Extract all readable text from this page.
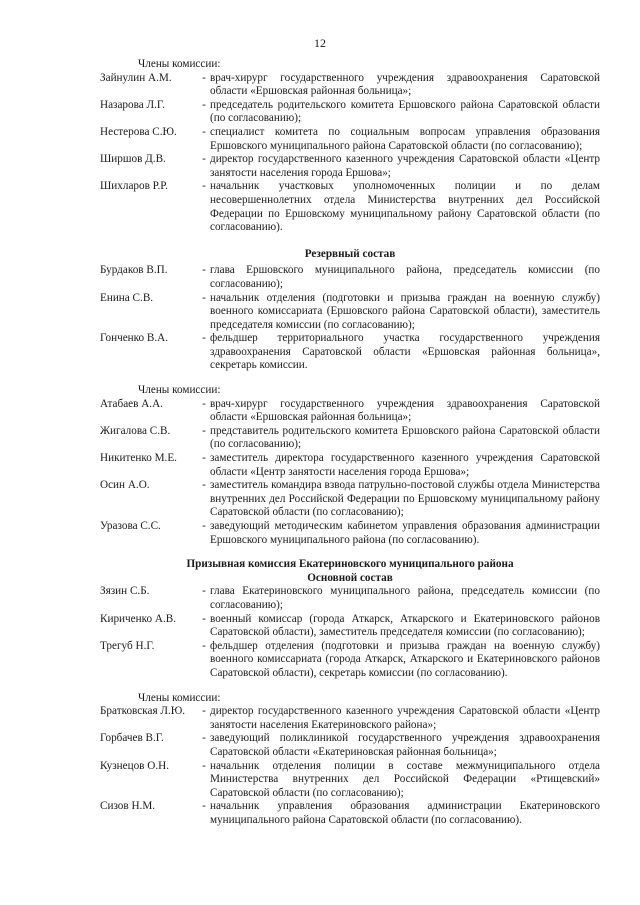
12
Члены комиссии:
Зайнулин А.М.	- врач-хирург государственного учреждения здравоохранения Саратовской области «Ершовская районная больница»;
Назарова Л.Г.	- председатель родительского комитета Ершовского района Саратовской области (по согласованию);
Нестерова С.Ю.	- специалист комитета по социальным вопросам управления образования Ершовского муниципального района Саратовской области (по согласованию);
Ширшов Д.В.	- директор государственного казенного учреждения Саратовской области «Центр занятости населения города Ершова»;
Шихларов Р.Р.	- начальник участковых уполномоченных полиции и по делам несовершеннолетних отдела Министерства внутренних дел Российской Федерации по Ершовскому муниципальному району Саратовской области (по согласованию).
Резервный состав
Бурдаков В.П.	- глава Ершовского муниципального района, председатель комиссии (по согласованию);
Енина С.В.	- начальник отделения (подготовки и призыва граждан на военную службу) военного комиссариата (Ершовского района Саратовской области), заместитель председателя комиссии (по согласованию);
Гонченко В.А.	- фельдшер территориального участка государственного учреждения здравоохранения Саратовской области «Ершовская районная больница», секретарь комиссии.
Члены комиссии:
Атабаев А.А.	- врач-хирург государственного учреждения здравоохранения Саратовской области «Ершовская районная больница»;
Жигалова С.В.	- представитель родительского комитета Ершовского района Саратовской области (по согласованию);
Никитенко М.Е.	- заместитель директора государственного казенного учреждения Саратовской области «Центр занятости населения города Ершова»;
Осин А.О.	- заместитель командира взвода патрульно-постовой службы отдела Министерства внутренних дел Российской Федерации по Ершовскому муниципальному району Саратовской области (по согласованию);
Уразова С.С.	- заведующий методическим кабинетом управления образования администрации Ершовского муниципального района (по согласованию).
Призывная комиссия Екатериновского муниципального района
Основной состав
Зязин С.Б.	- глава Екатериновского муниципального района, председатель комиссии (по согласованию);
Кириченко А.В.	- военный комиссар (города Аткарск, Аткарского и Екатериновского районов Саратовской области), заместитель председателя комиссии (по согласованию);
Трегуб Н.Г.	- фельдшер отделения (подготовки и призыва граждан на военную службу) военного комиссариата (города Аткарск, Аткарского и Екатериновского районов Саратовской области), секретарь комиссии (по согласованию).
Члены комиссии:
Братковская Л.Ю.	- директор государственного казенного учреждения Саратовской области «Центр занятости населения Екатериновского района»;
Горбачев В.Г.	- заведующий поликлиникой государственного учреждения здравоохранения Саратовской области «Екатериновская районная больница»;
Кузнецов О.Н.	- начальник отделения полиции в составе межмуниципального отдела Министерства внутренних дел Российской Федерации «Ртищевский» Саратовской области (по согласованию);
Сизов Н.М.	- начальник управления образования администрации Екатериновского муниципального района Саратовской области (по согласованию).
